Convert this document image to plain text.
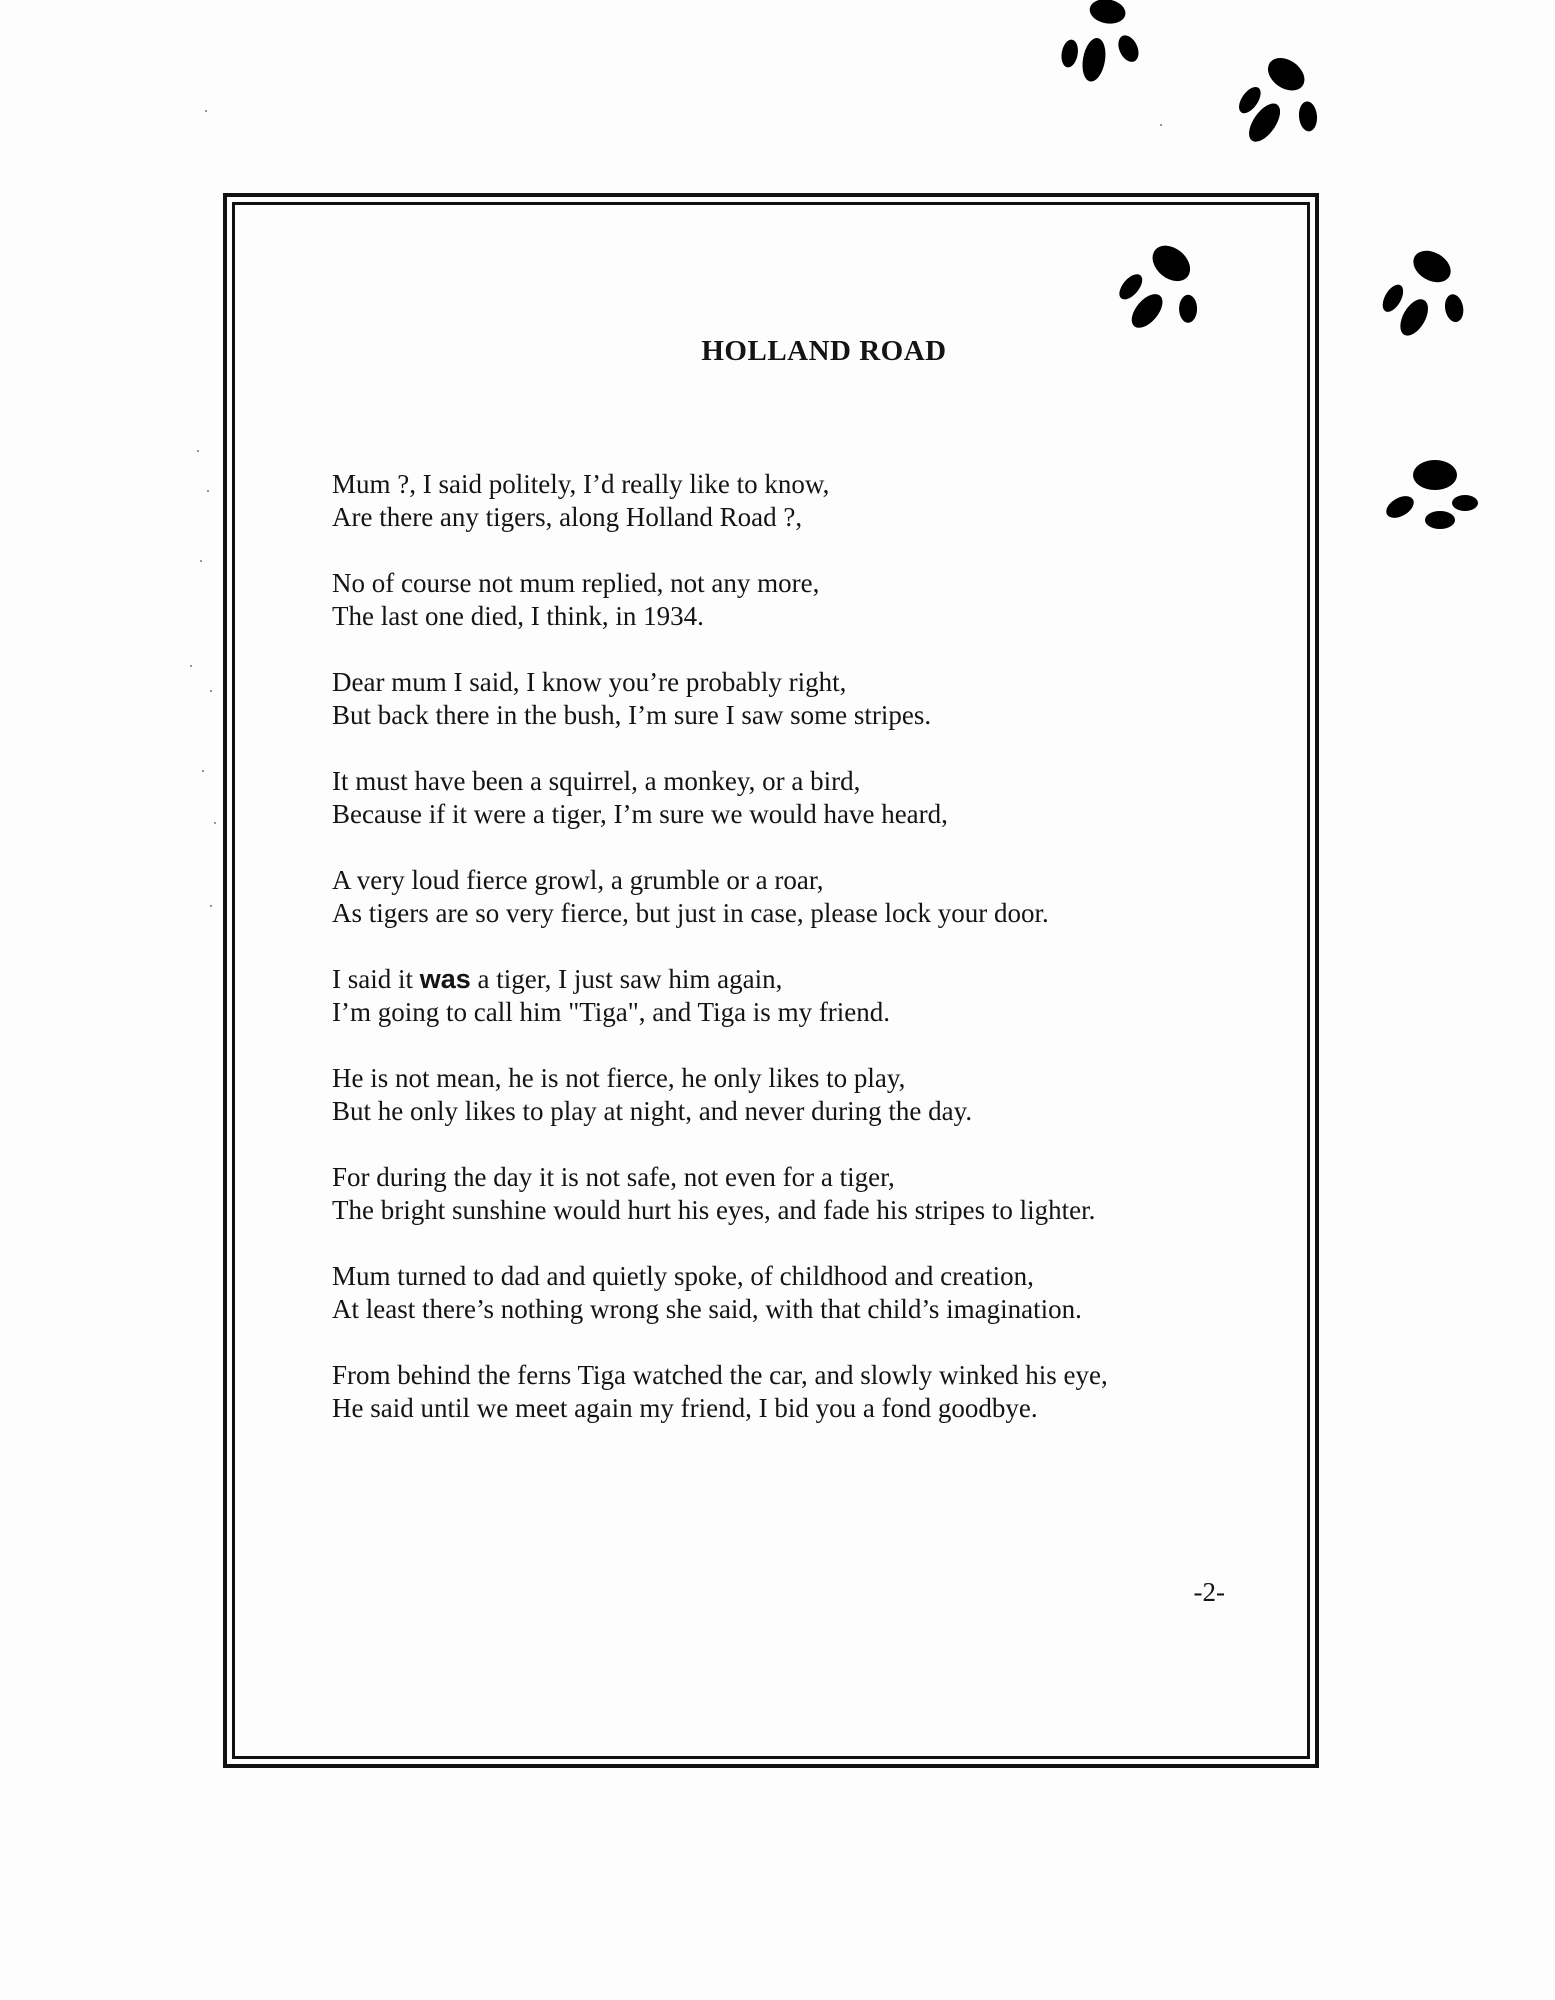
HOLLAND ROAD
Mum ?, I said politely, I’d really like to know,
Are there any tigers, along Holland Road ?,
No of course not mum replied, not any more,
The last one died, I think, in 1934.
Dear mum I said, I know you’re probably right,
But back there in the bush, I’m sure I saw some stripes.
It must have been a squirrel, a monkey, or a bird,
Because if it were a tiger, I’m sure we would have heard,
A very loud fierce growl, a grumble or a roar,
As tigers are so very fierce, but just in case, please lock your door.
I said it was a tiger, I just saw him again,
I’m going to call him "Tiga", and Tiga is my friend.
He is not mean, he is not fierce, he only likes to play,
But he only likes to play at night, and never during the day.
For during the day it is not safe, not even for a tiger,
The bright sunshine would hurt his eyes, and fade his stripes to lighter.
Mum turned to dad and quietly spoke, of childhood and creation,
At least there’s nothing wrong she said, with that child’s imagination.
From behind the ferns Tiga watched the car, and slowly winked his eye,
He said until we meet again my friend, I bid you a fond goodbye.
-2-
